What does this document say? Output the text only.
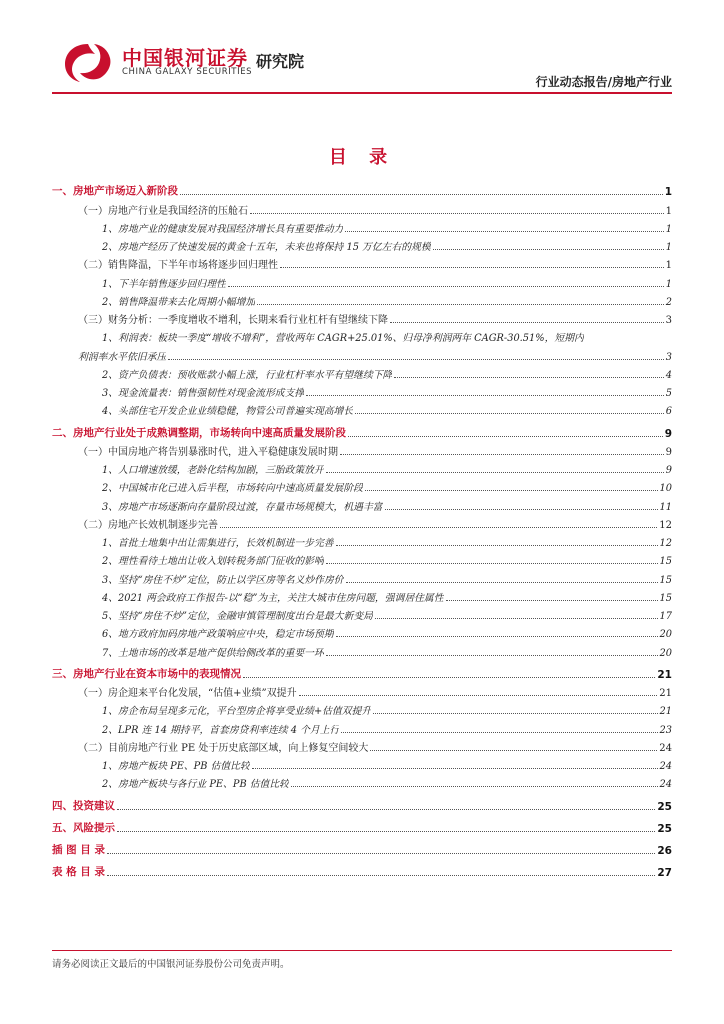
中国银河证券
CHINA GALAXY SECURITIES
研究院
行业动态报告/房地产行业
目 录
一、房地产市场迈入新阶段	1
（一）房地产行业是我国经济的压舱石	1
1、房地产业的健康发展对我国经济增长具有重要推动力	1
2、房地产经历了快速发展的黄金十五年，未来也将保持 15 万亿左右的规模	1
（二）销售降温，下半年市场将逐步回归理性	1
1、下半年销售逐步回归理性	1
2、销售降温带来去化周期小幅增加	2
（三）财务分析：一季度增收不增利，长期来看行业杠杆有望继续下降	3
1、利润表：板块一季度“增收不增利”，营收两年 CAGR+25.01%、归母净利润两年 CAGR-30.51%，短期内
利润率水平依旧承压	3
2、资产负债表：预收账款小幅上涨，行业杠杆率水平有望继续下降	4
3、现金流量表：销售强韧性对现金流形成支撑	5
4、头部住宅开发企业业绩稳健，物管公司普遍实现高增长	6
二、房地产行业处于成熟调整期，市场转向中速高质量发展阶段	9
（一）中国房地产将告别暴涨时代，进入平稳健康发展时期	9
1、人口增速放缓，老龄化结构加剧，三胎政策放开	9
2、中国城市化已进入后半程，市场转向中速高质量发展阶段	10
3、房地产市场逐渐向存量阶段过渡，存量市场规模大，机遇丰富	11
（二）房地产长效机制逐步完善	12
1、首批土地集中出让需集进行，长效机制进一步完善	12
2、理性看待土地出让收入划转税务部门征收的影响	15
3、坚持“房住不炒”定位，防止以学区房等名义炒作房价	15
4、2021 两会政府工作报告-以“稳”为主，关注大城市住房问题，强调居住属性	15
5、坚持“房住不炒”定位，金融审慎管理制度出台是最大新变局	17
6、地方政府加码房地产政策响应中央，稳定市场预期	20
7、土地市场的改革是地产促供给侧改革的重要一环	20
三、房地产行业在资本市场中的表现情况	21
（一）房企迎来平台化发展，“估值+业绩”双提升	21
1、房企布局呈现多元化，平台型房企将享受业绩+估值双提升	21
2、LPR 连 14 期持平，首套房贷利率连续 4 个月上行	23
（二）目前房地产行业 PE 处于历史底部区域，向上修复空间较大	24
1、房地产板块 PE、PB 估值比较	24
2、房地产板块与各行业 PE、PB 估值比较	24
四、投资建议	25
五、风险提示	25
插 图 目 录	26
表 格 目 录	27
请务必阅读正文最后的中国银河证券股份公司免责声明。
